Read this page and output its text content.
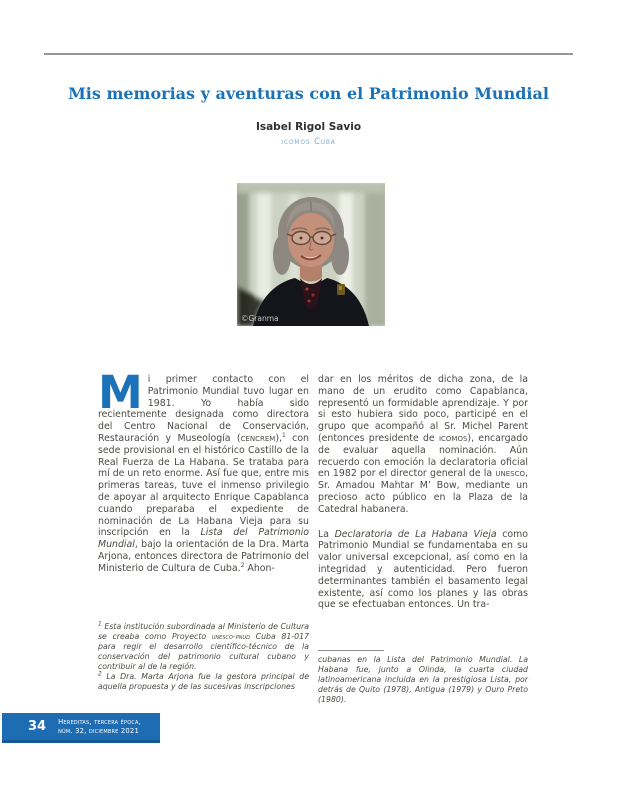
Mis memorias y aventuras con el Patrimonio Mundial
Isabel Rigol Savio
icomos Cuba
©Granma

Mi primer contacto con el Patrimonio Mundial tuvo lugar en 1981. Yo había sido recientemente designada como directora del Centro Nacional de Conservación, Restauración y Museología (cencrem),$^1$ con sede provisional en el histórico Castillo de la Real Fuerza de La Habana. Se trataba para mí de un reto enorme. Así fue que, entre mis primeras tareas, tuve el inmenso privilegio de apoyar al arquitecto Enrique Capablanca cuando preparaba el expediente de nominación de La Habana Vieja para su inscripción en la Lista del Patrimonio Mundial, bajo la orientación de la Dra. Marta Arjona, entonces directora de Patrimonio del Ministerio de Cultura de Cuba.$^2$ Ahon-

dar en los méritos de dicha zona, de la mano de un erudito como Capablanca, representó un formidable aprendizaje. Y por si esto hubiera sido poco, participé en el grupo que acompañó al Sr. Michel Parent (entonces presidente de icomos), encargado de evaluar aquella nominación. Aún recuerdo con emoción la declaratoria oficial en 1982 por el director general de la unesco, Sr. Amadou Mahtar M’ Bow, mediante un precioso acto público en la Plaza de la Catedral habanera.

La Declaratoria de La Habana Vieja como Patrimonio Mundial se fundamentaba en su valor universal excepcional, así como en la integridad y autenticidad. Pero fueron determinantes también el basamento legal existente, así como los planes y las obras que se efectuaban entonces. Un tra-

$^1$ Esta institución subordinada al Ministerio de Cultura se creaba como Proyecto unesco-pnud Cuba 81-017 para regir el desarrollo científico-técnico de la conservación del patrimonio cultural cubano y contribuir al de la región.

$^2$ La Dra. Marta Arjona fue la gestora principal de aquella propuesta y de las sucesivas inscripciones

cubanas en la Lista del Patrimonio Mundial. La Habana fue, junto a Olinda, la cuarta ciudad latinoamericana incluida en la prestigiosa Lista, por detrás de Quito (1978), Antigua (1979) y Ouro Preto (1980).

34 Hereditas, tercera época,
núm. 32, diciembre 2021
